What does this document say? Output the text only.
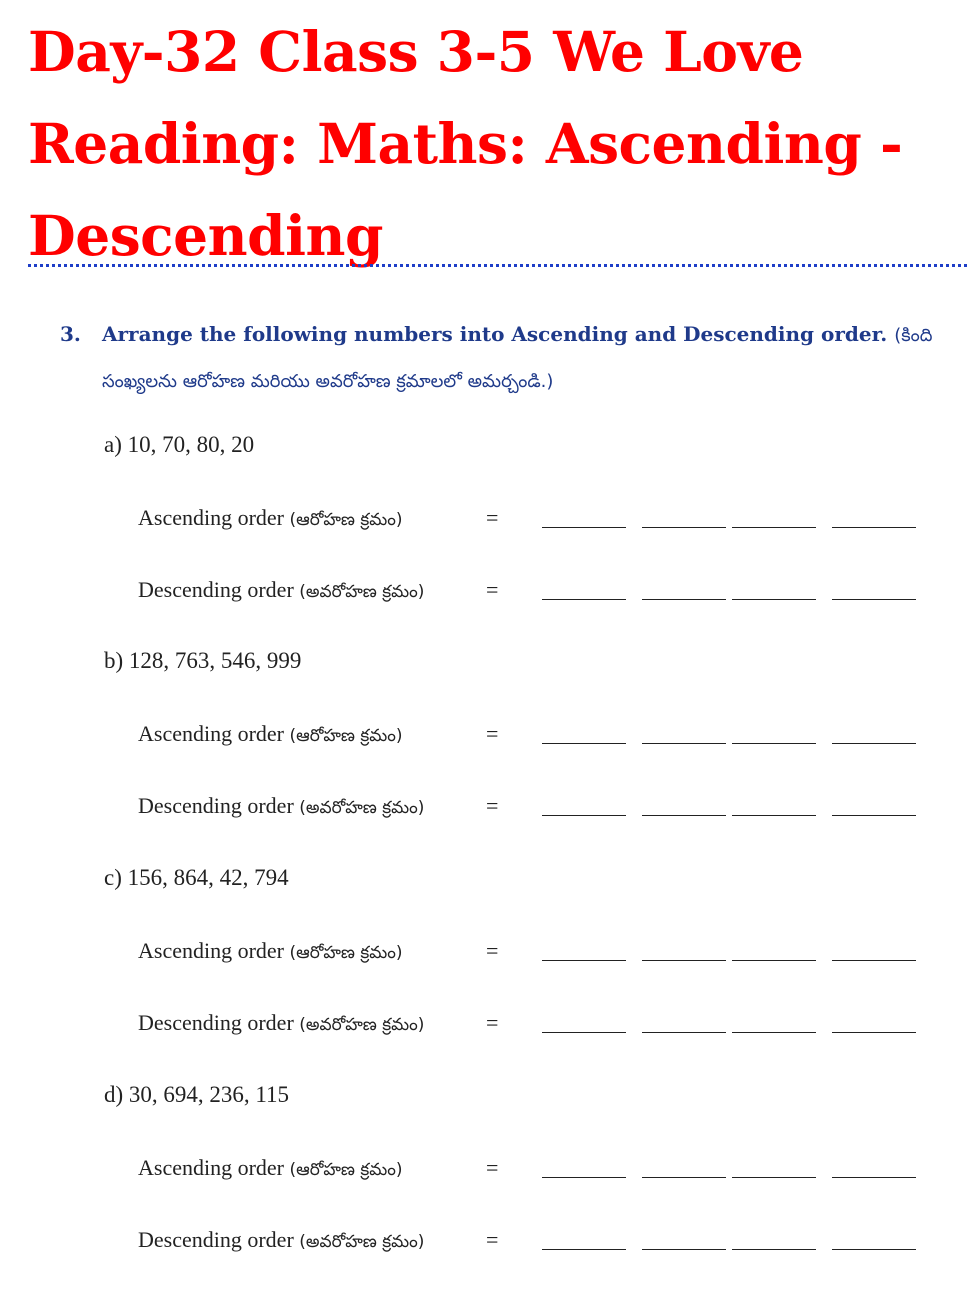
Day-32 Class 3-5 We Love
Reading: Maths: Ascending -
Descending
3. Arrange the following numbers into Ascending and Descending order. (కింది
సంఖ్యలను ఆరోహణ మరియు అవరోహణ క్రమాలలో అమర్చండి.)
a) 10, 70, 80, 20
Ascending order (ఆరోహణ క్రమం)	=
Descending order (అవరోహణ క్రమం)	=
b) 128, 763, 546, 999
Ascending order (ఆరోహణ క్రమం)	=
Descending order (అవరోహణ క్రమం)	=
c) 156, 864, 42, 794
Ascending order (ఆరోహణ క్రమం)	=
Descending order (అవరోహణ క్రమం)	=
d) 30, 694, 236, 115
Ascending order (ఆరోహణ క్రమం)	=
Descending order (అవరోహణ క్రమం)	=
